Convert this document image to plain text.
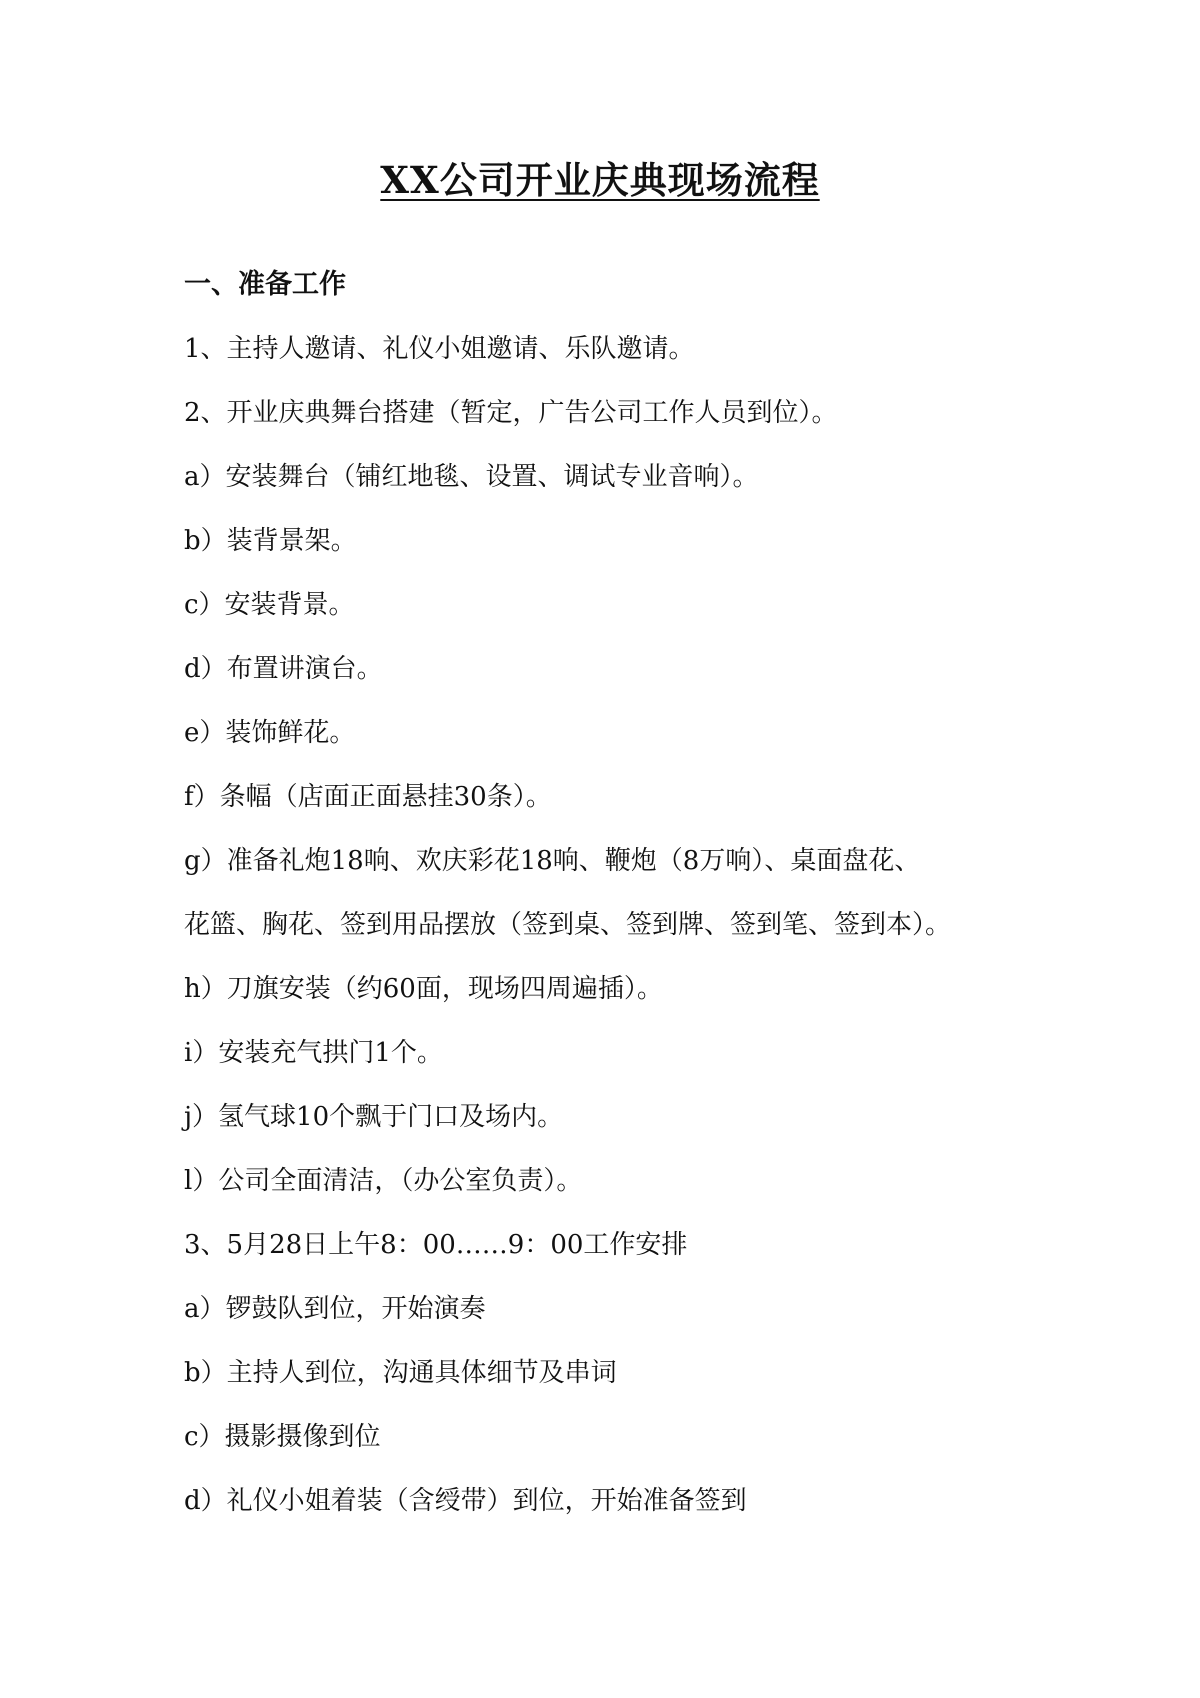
XX公司开业庆典现场流程
一、准备工作
1、主持人邀请、礼仪小姐邀请、乐队邀请。
2、开业庆典舞台搭建（暂定，广告公司工作人员到位）。
a）安装舞台（铺红地毯、设置、调试专业音响）。
b）装背景架。
c）安装背景。
d）布置讲演台。
e）装饰鲜花。
f）条幅（店面正面悬挂30条）。
g）准备礼炮18响、欢庆彩花18响、鞭炮（8万响）、桌面盘花、
花篮、胸花、签到用品摆放（签到桌、签到牌、签到笔、签到本）。
h）刀旗安装（约60面，现场四周遍插）。
i）安装充气拱门1个。
j）氢气球10个飘于门口及场内。
l）公司全面清洁，（办公室负责）。
3、5月28日上午8：00……9：00工作安排
a）锣鼓队到位，开始演奏
b）主持人到位，沟通具体细节及串词
c）摄影摄像到位
d）礼仪小姐着装（含绶带）到位，开始准备签到
